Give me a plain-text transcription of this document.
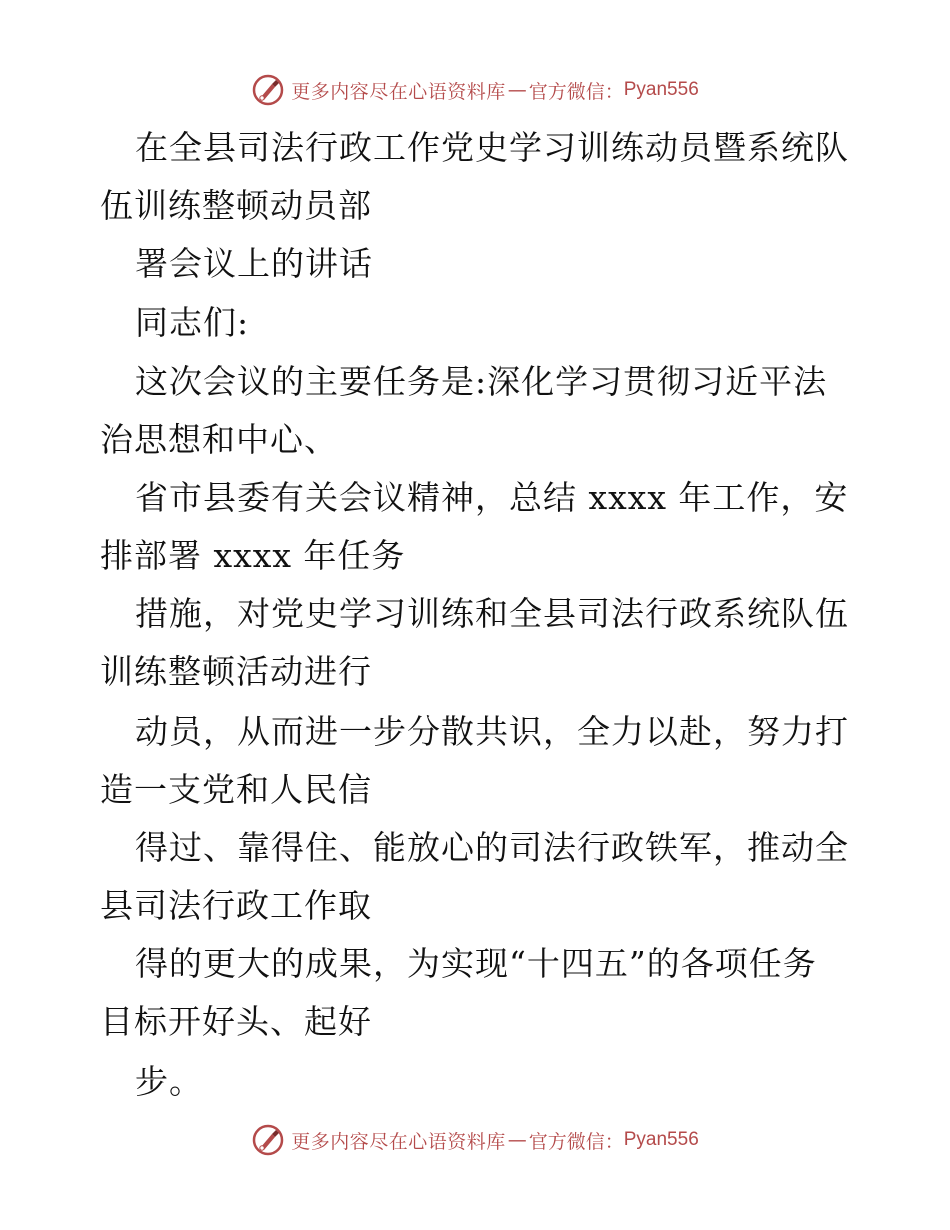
更多内容尽在心语资料库 — 官方微信： Pyan556
在全县司法行政工作党史学习训练动员暨系统队
伍训练整顿动员部
署会议上的讲话
同志们:
这次会议的主要任务是:深化学习贯彻习近平法
治思想和中心、
省市县委有关会议精神，总结 xxxx 年工作，安
排部署 xxxx 年任务
措施，对党史学习训练和全县司法行政系统队伍
训练整顿活动进行
动员，从而进一步分散共识，全力以赴，努力打
造一支党和人民信
得过、靠得住、能放心的司法行政铁军，推动全
县司法行政工作取
得的更大的成果，为实现“十四五”的各项任务
目标开好头、起好
步。
更多内容尽在心语资料库 — 官方微信： Pyan556
